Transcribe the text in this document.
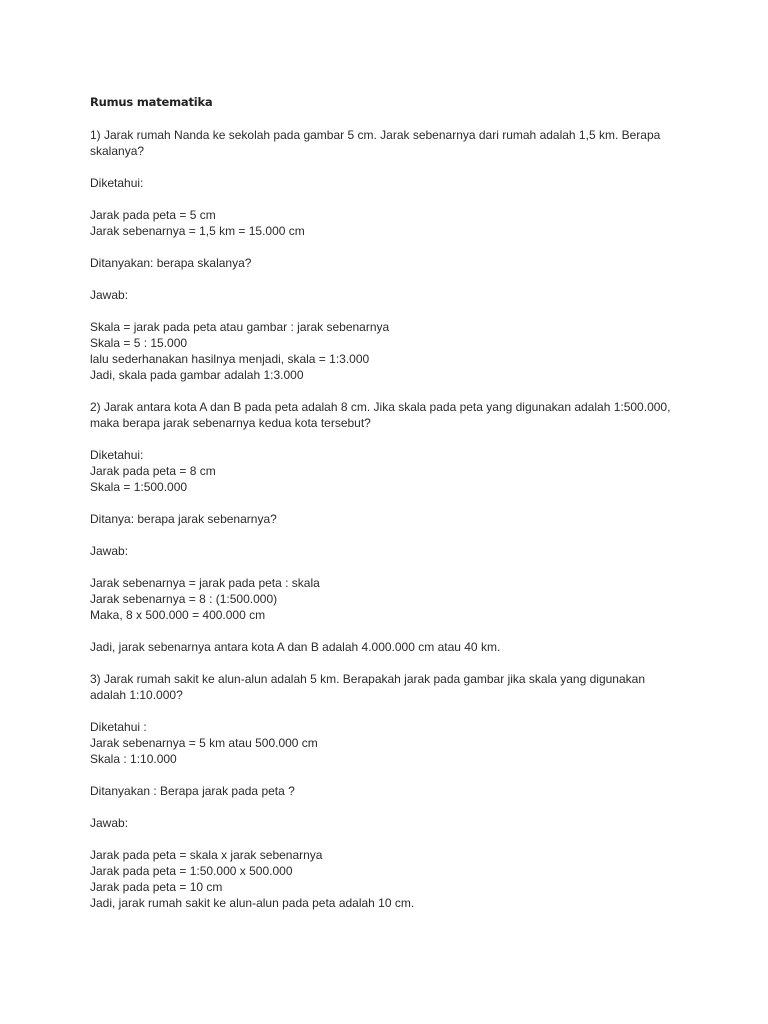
Rumus matematika
1) Jarak rumah Nanda ke sekolah pada gambar 5 cm. Jarak sebenarnya dari rumah adalah 1,5 km. Berapa
skalanya?
Diketahui:
Jarak pada peta = 5 cm
Jarak sebenarnya = 1,5 km = 15.000 cm
Ditanyakan: berapa skalanya?
Jawab:
Skala = jarak pada peta atau gambar : jarak sebenarnya
Skala = 5 : 15.000
lalu sederhanakan hasilnya menjadi, skala = 1:3.000
Jadi, skala pada gambar adalah 1:3.000
2) Jarak antara kota A dan B pada peta adalah 8 cm. Jika skala pada peta yang digunakan adalah 1:500.000,
maka berapa jarak sebenarnya kedua kota tersebut?
Diketahui:
Jarak pada peta = 8 cm
Skala = 1:500.000
Ditanya: berapa jarak sebenarnya?
Jawab:
Jarak sebenarnya = jarak pada peta : skala
Jarak sebenarnya = 8 : (1:500.000)
Maka, 8 x 500.000 = 400.000 cm
Jadi, jarak sebenarnya antara kota A dan B adalah 4.000.000 cm atau 40 km.
3) Jarak rumah sakit ke alun-alun adalah 5 km. Berapakah jarak pada gambar jika skala yang digunakan
adalah 1:10.000?
Diketahui :
Jarak sebenarnya = 5 km atau 500.000 cm
Skala : 1:10.000
Ditanyakan : Berapa jarak pada peta ?
Jawab:
Jarak pada peta = skala x jarak sebenarnya
Jarak pada peta = 1:50.000 x 500.000
Jarak pada peta = 10 cm
Jadi, jarak rumah sakit ke alun-alun pada peta adalah 10 cm.
